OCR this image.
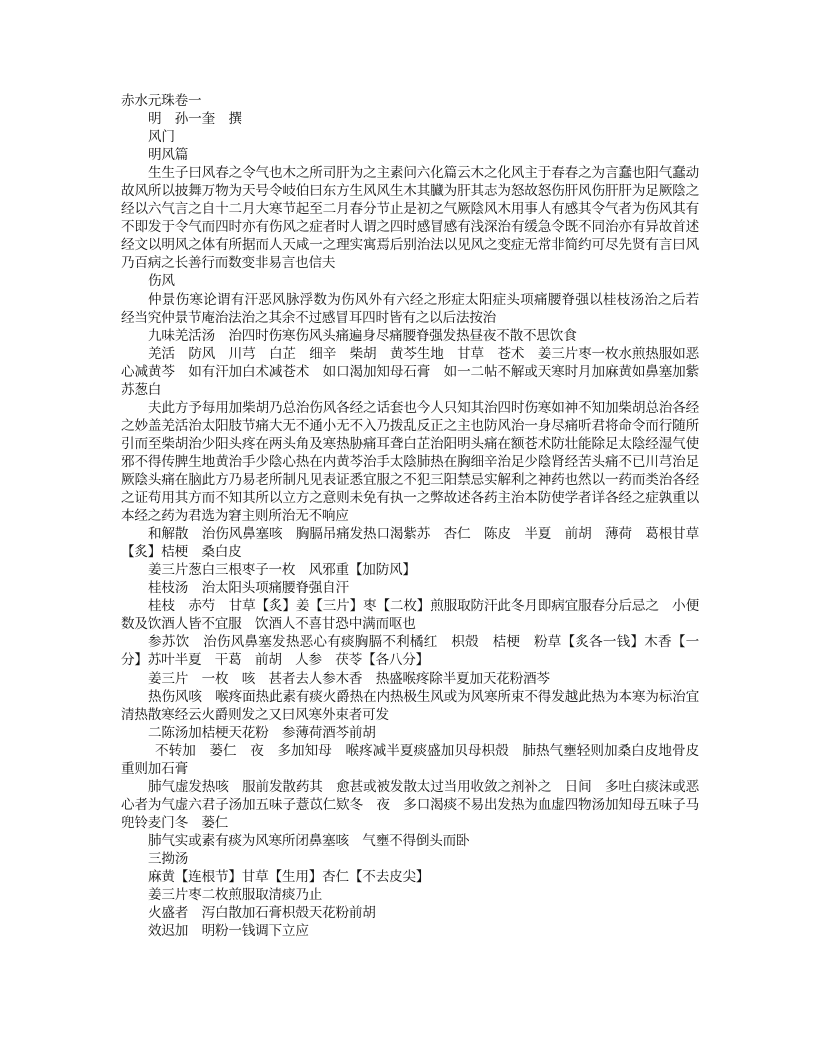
赤水元珠卷一

明　孙一奎　撰

风门

明风篇

生生子曰风春之令气也木之所司肝为之主素问六化篇云木之化风主于春春之为言蠢也阳气蠢动故风所以披舞万物为天号令岐伯曰东方生风风生木其臓为肝其志为怒故怒伤肝风伤肝肝为足厥陰之经以六气言之自十二月大寒节起至二月春分节止是初之气厥陰风木用事人有感其令气者为伤风其有不即发于令气而四时亦有伤风之症者时人谓之四时感冒感有浅深治有缓急令既不同治亦有异故首述经文以明风之体有所据而人天咸一之理实寓焉后别治法以见风之变症无常非简约可尽先贤有言曰风乃百病之长善行而数变非易言也信夫

伤风

仲景伤寒论谓有汗恶风脉浮数为伤风外有六经之形症太阳症头项痛腰脊强以桂枝汤治之后若　经当究仲景节庵治法治之其余不过感冒耳四时皆有之以后法按治

九味羌活汤　治四时伤寒伤风头痛遍身尽痛腰脊强发热昼夜不散不思饮食

羌活　防风　川芎　白芷　细辛　柴胡　黄芩生地　甘草　苍术　姜三片枣一枚水煎热服如恶心减黄芩　如有汗加白术减苍术　如口渴加知母石膏　如一二帖不解或天寒时月加麻黄如鼻塞加紫苏葱白

夫此方予每用加柴胡乃总治伤风各经之话套也今人只知其治四时伤寒如神不知加柴胡总治各经之妙盖羌活治太阳肢节痛大无不通小无不入乃拨乱反正之主也防风治一身尽痛听君将命令而行随所引而至柴胡治少阳头疼在两头角及寒热胁痛耳聋白芷治阳明头痛在额苍术防壮能除足太陰经湿气使邪不得传脾生地黄治手少陰心热在内黄芩治手太陰肺热在胸细辛治足少陰肾经苦头痛不已川芎治足厥陰头痛在脑此方乃易老所制凡见表证悉宜服之不犯三阳禁忌实解利之神药也然以一药而类治各经之证苟用其方而不知其所以立方之意则未免有执一之弊故述各药主治本防使学者详各经之症孰重以本经之药为君选为窘主则所治无不响应

和解散　治伤风鼻塞咳　胸膈吊痛发热口渴紫苏　杏仁　陈皮　半夏　前胡　薄荷　葛根甘草【炙】桔梗　桑白皮

姜三片葱白三根枣子一枚　风邪重【加防风】

桂枝汤　治太阳头项痛腰脊强自汗

桂枝　赤芍　甘草【炙】姜【三片】枣【二枚】煎服取防汗此冬月即病宜服春分后忌之　小便数及饮酒人皆不宜服　饮酒人不喜甘恐中满而呕也

参苏饮　治伤风鼻塞发热恶心有痰胸膈不利橘红　枳殻　桔梗　粉草【炙各一钱】木香【一分】苏叶半夏　干葛　前胡　人参　茯苓【各八分】

姜三片　一枚　咳　甚者去人参木香　热盛喉疼除半夏加天花粉酒芩

热伤风咳　喉疼面热此素有痰火爵热在内热极生风或为风寒所束不得发越此热为本寒为标治宜清热散寒经云火爵则发之又曰风寒外束者可发

二陈汤加桔梗天花粉　参薄荷酒芩前胡

不转加　蒌仁　夜　多加知母　喉疼减半夏痰盛加贝母枳殻　肺热气壅轻则加桑白皮地骨皮重则加石膏

肺气虚发热咳　服前发散药其　愈甚或被发散太过当用收敛之剂补之　日间　多吐白痰沫或恶心者为气虚六君子汤加五味子薏苡仁欵冬　夜　多口渴痰不易出发热为血虚四物汤加知母五味子马兜铃麦门冬　蒌仁

肺气实或素有痰为风寒所闭鼻塞咳　气壅不得倒头而卧

三拗汤

麻黄【连根节】甘草【生用】杏仁【不去皮尖】

姜三片枣二枚煎服取清痰乃止

火盛者　泻白散加石膏枳殻天花粉前胡

效迟加　明粉一钱调下立应
